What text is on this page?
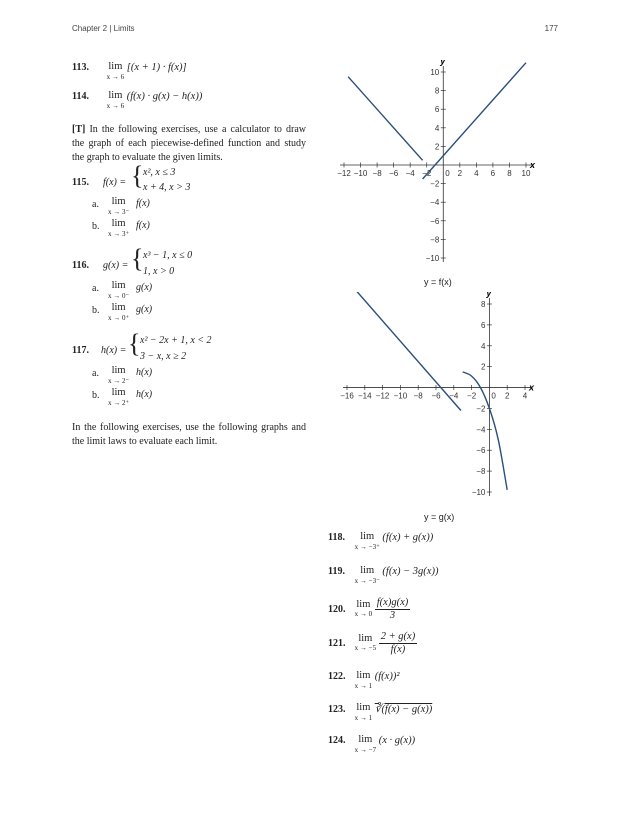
Chapter 2 | Limits	177
113. lim
x → 6
[(x + 1) · f(x)]
114. lim
x → 6
(f(x) · g(x) − h(x))
[T] In the following exercises, use a calculator to draw the graph of each piecewise-defined function and study the graph to evaluate the given limits.
115. f(x) = { x², x ≤ 3
x + 4, x > 3
a.	lim
x → 3⁻
f(x)
b.	lim
x → 3⁺
f(x)
116. g(x) = { x³ − 1, x ≤ 0
1, x > 0
a.	lim
x → 0⁻
g(x)
b.	lim
x → 0⁺
g(x)
117. h(x) = { x² − 2x + 1, x < 2
3 − x, x ≥ 2
a.	lim
x → 2⁻
h(x)
b.	lim
x → 2⁺
h(x)
In the following exercises, use the following graphs and the limit laws to evaluate each limit.
x
y
−12 −10 −8 −6 −4 −2	2 4 6 8 10
0
−10
−8
−6
−4
−2
2
4
6
8
10
y = f(x)
x
y
−16 −14 −12 −10 −8 −6 −4 −2	2 4
0
−10
−8
−6
−4
−2
2
4
6
8
y = g(x)
118. lim
x → −3⁺
(f(x) + g(x))
119. lim
x → −3⁻
(f(x) − 3g(x))
120. lim
x → 0
$\frac{f(x)g(x)}{3}$
121. lim
x → −5
$\frac{2 + g(x)}{f(x)}$
122. lim
x → 1
(f(x))²
123. lim
x → 1
∛(f(x) − g(x))
124. lim
x → −7
(x · g(x))
